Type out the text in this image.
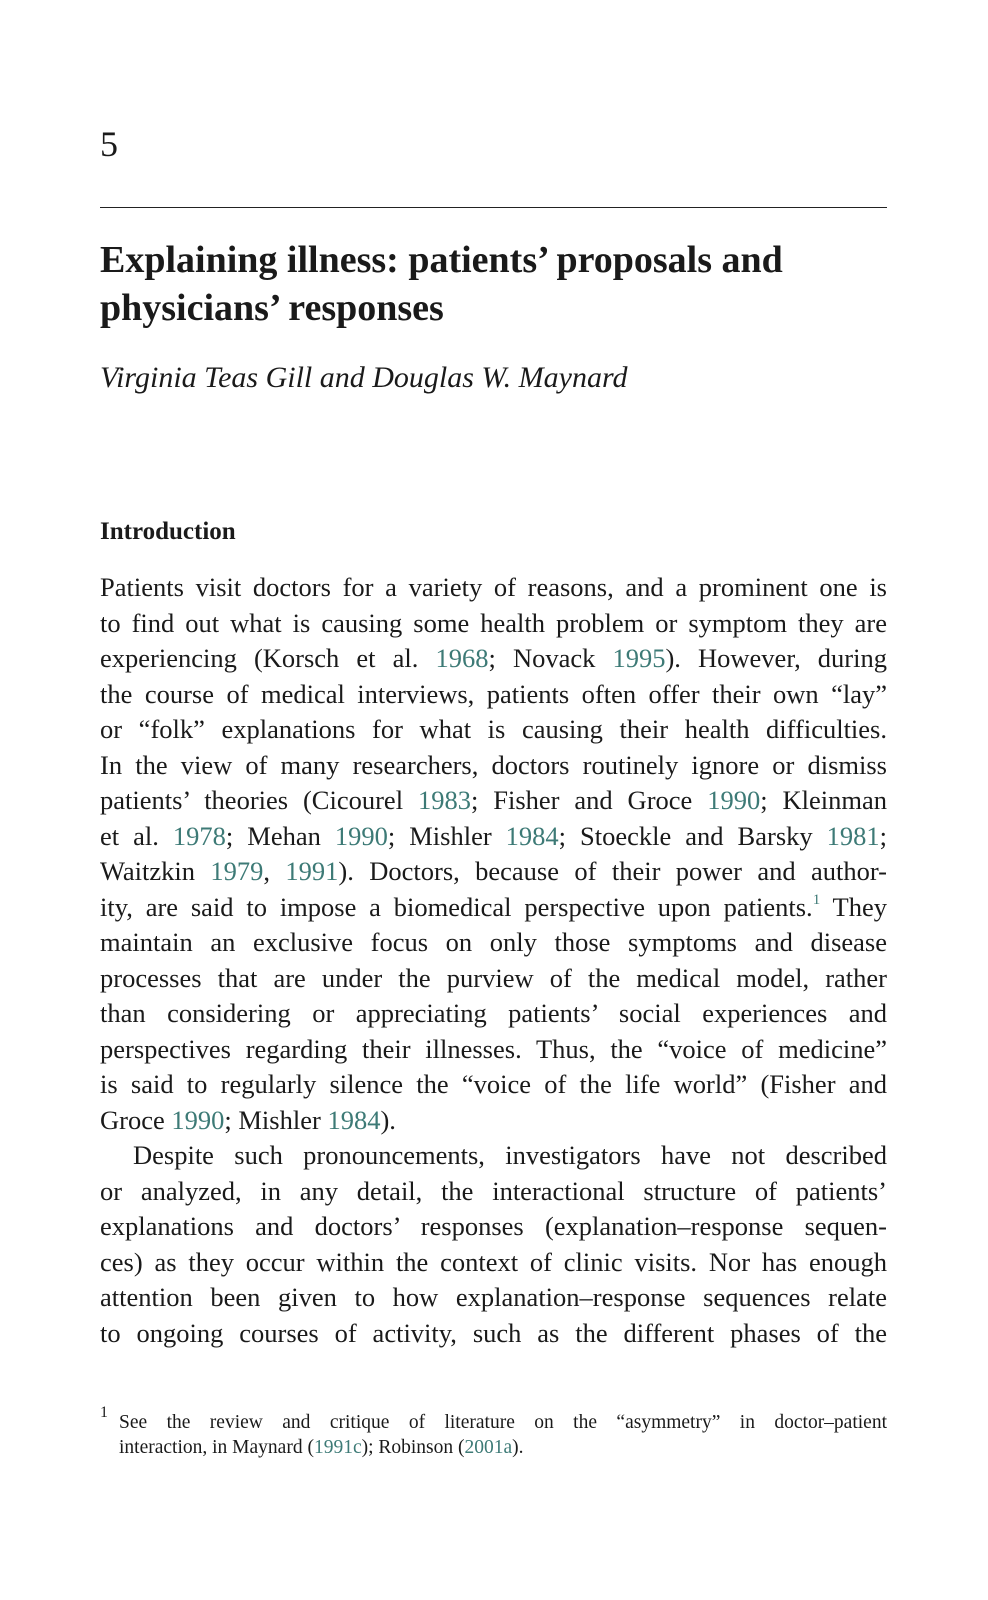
5
Explaining illness: patients’ proposals and
physicians’ responses
Virginia Teas Gill and Douglas W. Maynard
Introduction
Patients visit doctors for a variety of reasons, and a prominent one is
to find out what is causing some health problem or symptom they are
experiencing (Korsch et al. 1968; Novack 1995). However, during
the course of medical interviews, patients often offer their own “lay”
or “folk” explanations for what is causing their health difficulties.
In the view of many researchers, doctors routinely ignore or dismiss
patients’ theories (Cicourel 1983; Fisher and Groce 1990; Kleinman
et al. 1978; Mehan 1990; Mishler 1984; Stoeckle and Barsky 1981;
Waitzkin 1979, 1991). Doctors, because of their power and author-
ity, are said to impose a biomedical perspective upon patients.$^1$ They
maintain an exclusive focus on only those symptoms and disease
processes that are under the purview of the medical model, rather
than considering or appreciating patients’ social experiences and
perspectives regarding their illnesses. Thus, the “voice of medicine”
is said to regularly silence the “voice of the life world” (Fisher and
Groce 1990; Mishler 1984).
Despite such pronouncements, investigators have not described
or analyzed, in any detail, the interactional structure of patients’
explanations and doctors’ responses (explanation–response sequen-
ces) as they occur within the context of clinic visits. Nor has enough
attention been given to how explanation–response sequences relate
to ongoing courses of activity, such as the different phases of the
1 See the review and critique of literature on the “asymmetry” in doctor–patient
interaction, in Maynard (1991c); Robinson (2001a).
